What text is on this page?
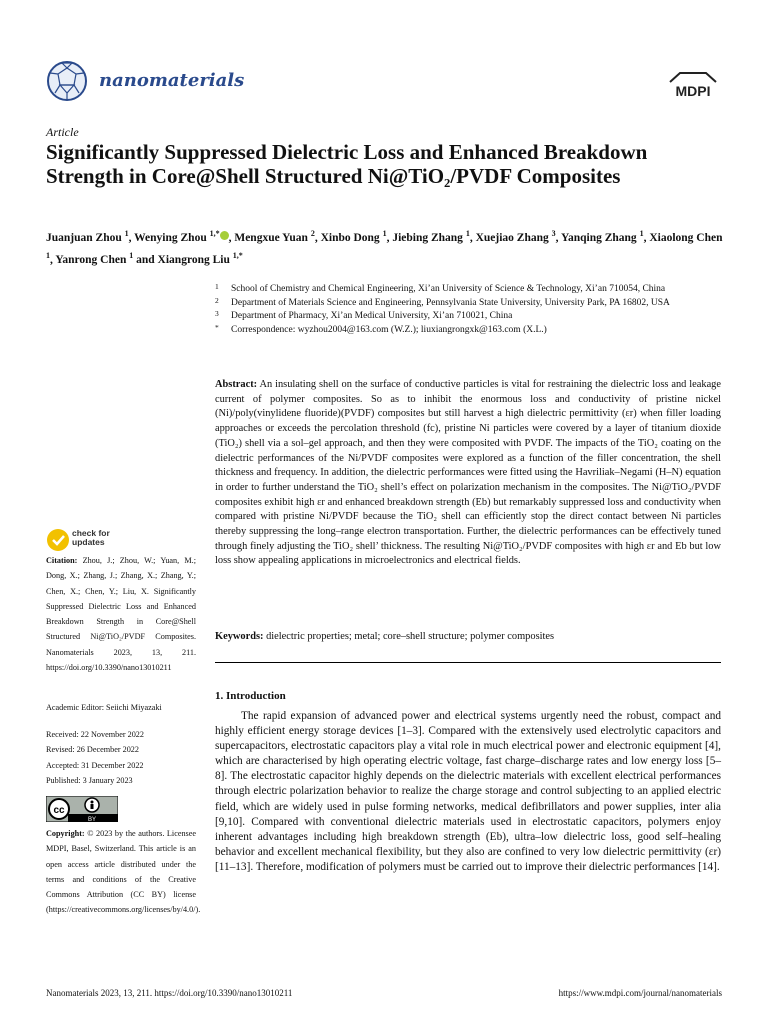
nanomaterials	MDPI
Article
Significantly Suppressed Dielectric Loss and Enhanced Breakdown Strength in Core@Shell Structured Ni@TiO₂/PVDF Composites
Juanjuan Zhou $^1$, Wenying Zhou $^{1,*}$ , Mengxue Yuan $^2$, Xinbo Dong $^1$, Jiebing Zhang $^1$, Xuejiao Zhang $^3$, Yanqing Zhang $^1$, Xiaolong Chen $^1$, Yanrong Chen $^1$ and Xiangrong Liu $^{1,*}$
1 School of Chemistry and Chemical Engineering, Xi’an University of Science & Technology, Xi’an 710054, China
2 Department of Materials Science and Engineering, Pennsylvania State University, University Park, PA 16802, USA
3 Department of Pharmacy, Xi’an Medical University, Xi’an 710021, China
* Correspondence: wyzhou2004@163.com (W.Z.); liuxiangrongxk@163.com (X.L.)
Abstract: An insulating shell on the surface of conductive particles is vital for restraining the dielectric loss and leakage current of polymer composites. So as to inhibit the enormous loss and conductivity of pristine nickel (Ni)/poly(vinylidene fluoride)(PVDF) composites but still harvest a high dielectric permittivity (εr) when filler loading approaches or exceeds the percolation threshold (fc), pristine Ni particles were covered by a layer of titanium dioxide (TiO₂) shell via a sol–gel approach, and then they were composited with PVDF. The impacts of the TiO₂ coating on the dielectric performances of the Ni/PVDF composites were explored as a function of the filler concentration, the shell thickness and frequency. In addition, the dielectric performances were fitted using the Havriliak–Negami (H–N) equation in order to further understand the TiO₂ shell’s effect on polarization mechanism in the composites. The Ni@TiO₂/PVDF composites exhibit high εr and enhanced breakdown strength (Eb) but remarkably suppressed loss and conductivity when compared with pristine Ni/PVDF because the TiO₂ shell can efficiently stop the direct contact between Ni particles thereby suppressing the long–range electron transportation. Further, the dielectric performances can be effectively tuned through finely adjusting the TiO₂ shell’ thickness. The resulting Ni@TiO₂/PVDF composites with high εr and Eb but low loss show appealing applications in microelectronics and electrical fields.
Keywords: dielectric properties; metal; core–shell structure; polymer composites
1. Introduction

The rapid expansion of advanced power and electrical systems urgently need the robust, compact and highly efficient energy storage devices [1–3]. Compared with the extensively used electrolytic capacitors and supercapacitors, electrostatic capacitors play a vital role in much electrical power and electronic equipment [4], which are characterised by high operating electric voltage, fast charge–discharge rates and low energy loss [5–8]. The electrostatic capacitor highly depends on the dielectric materials with excellent electrical performances through electric polarization behavior to realize the charge storage and control subjecting to an applied electric field, which are widely used in pulse forming networks, medical defibrillators and power supplies, inter alia [9,10]. Compared with conventional dielectric materials used in electrostatic capacitors, polymers enjoy inherent advantages including high breakdown strength (Eb), ultra–low dielectric loss, good self–healing behavior and excellent mechanical flexibility, but they also are confined to very low dielectric permittivity (εr) [11–13]. Therefore, modification of polymers must be carried out to improve their dielectric performances [14].

check for
updates
Citation: Zhou, J.; Zhou, W.; Yuan, M.; Dong, X.; Zhang, J.; Zhang, X.; Zhang, Y.; Chen, X.; Chen, Y.; Liu, X. Significantly Suppressed Dielectric Loss and Enhanced Breakdown Strength in Core@Shell Structured Ni@TiO₂/PVDF Composites. Nanomaterials 2023, 13, 211. https://doi.org/10.3390/nano13010211
Academic Editor: Seiichi Miyazaki
Received: 22 November 2022
Revised: 26 December 2022
Accepted: 31 December 2022
Published: 3 January 2023
cc
BY
Copyright: © 2023 by the authors. Licensee MDPI, Basel, Switzerland. This article is an open access article distributed under the terms and conditions of the Creative Commons Attribution (CC BY) license (https://creativecommons.org/licenses/by/4.0/).
Nanomaterials 2023, 13, 211. https://doi.org/10.3390/nano13010211	https://www.mdpi.com/journal/nanomaterials
